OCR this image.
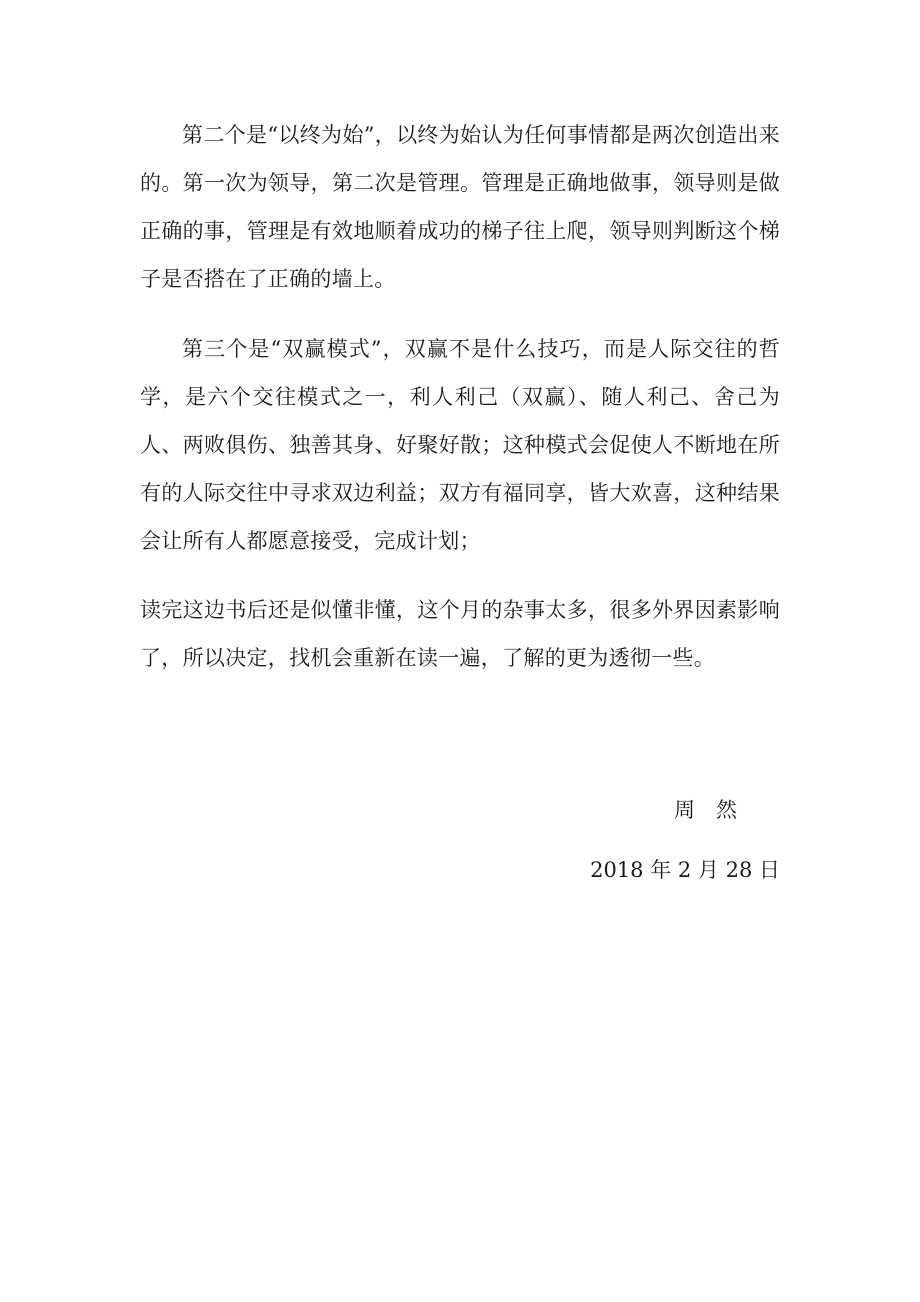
第二个是“以终为始”，以终为始认为任何事情都是两次创造出来的。第一次为领导，第二次是管理。管理是正确地做事，领导则是做正确的事，管理是有效地顺着成功的梯子往上爬，领导则判断这个梯子是否搭在了正确的墙上。

第三个是“双赢模式”，双赢不是什么技巧，而是人际交往的哲学，是六个交往模式之一，利人利己（双赢）、随人利己、舍己为人、两败俱伤、独善其身、好聚好散；这种模式会促使人不断地在所有的人际交往中寻求双边利益；双方有福同享，皆大欢喜，这种结果会让所有人都愿意接受，完成计划；

读完这边书后还是似懂非懂，这个月的杂事太多，很多外界因素影响了，所以决定，找机会重新在读一遍，了解的更为透彻一些。

周　然
2018 年 2 月 28 日
